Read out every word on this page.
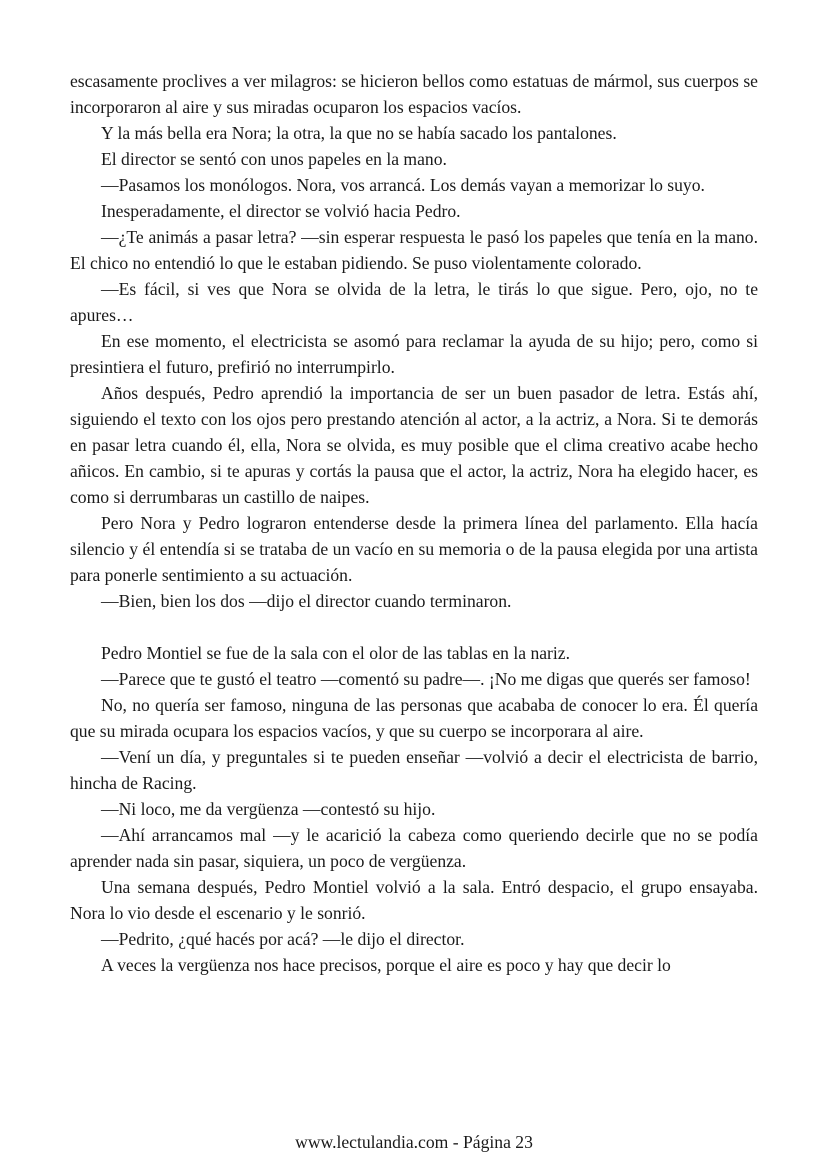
escasamente proclives a ver milagros: se hicieron bellos como estatuas de mármol, sus cuerpos se incorporaron al aire y sus miradas ocuparon los espacios vacíos.

Y la más bella era Nora; la otra, la que no se había sacado los pantalones.

El director se sentó con unos papeles en la mano.

—Pasamos los monólogos. Nora, vos arrancá. Los demás vayan a memorizar lo suyo.

Inesperadamente, el director se volvió hacia Pedro.

—¿Te animás a pasar letra? —sin esperar respuesta le pasó los papeles que tenía en la mano. El chico no entendió lo que le estaban pidiendo. Se puso violentamente colorado.

—Es fácil, si ves que Nora se olvida de la letra, le tirás lo que sigue. Pero, ojo, no te apures…

En ese momento, el electricista se asomó para reclamar la ayuda de su hijo; pero, como si presintiera el futuro, prefirió no interrumpirlo.

Años después, Pedro aprendió la importancia de ser un buen pasador de letra. Estás ahí, siguiendo el texto con los ojos pero prestando atención al actor, a la actriz, a Nora. Si te demorás en pasar letra cuando él, ella, Nora se olvida, es muy posible que el clima creativo acabe hecho añicos. En cambio, si te apuras y cortás la pausa que el actor, la actriz, Nora ha elegido hacer, es como si derrumbaras un castillo de naipes.

Pero Nora y Pedro lograron entenderse desde la primera línea del parlamento. Ella hacía silencio y él entendía si se trataba de un vacío en su memoria o de la pausa elegida por una artista para ponerle sentimiento a su actuación.

—Bien, bien los dos —dijo el director cuando terminaron.

Pedro Montiel se fue de la sala con el olor de las tablas en la nariz.

—Parece que te gustó el teatro —comentó su padre—. ¡No me digas que querés ser famoso!

No, no quería ser famoso, ninguna de las personas que acababa de conocer lo era. Él quería que su mirada ocupara los espacios vacíos, y que su cuerpo se incorporara al aire.

—Vení un día, y preguntales si te pueden enseñar —volvió a decir el electricista de barrio, hincha de Racing.

—Ni loco, me da vergüenza —contestó su hijo.

—Ahí arrancamos mal —y le acarició la cabeza como queriendo decirle que no se podía aprender nada sin pasar, siquiera, un poco de vergüenza.

Una semana después, Pedro Montiel volvió a la sala. Entró despacio, el grupo ensayaba. Nora lo vio desde el escenario y le sonrió.

—Pedrito, ¿qué hacés por acá? —le dijo el director.

A veces la vergüenza nos hace precisos, porque el aire es poco y hay que decir lo

www.lectulandia.com - Página 23
